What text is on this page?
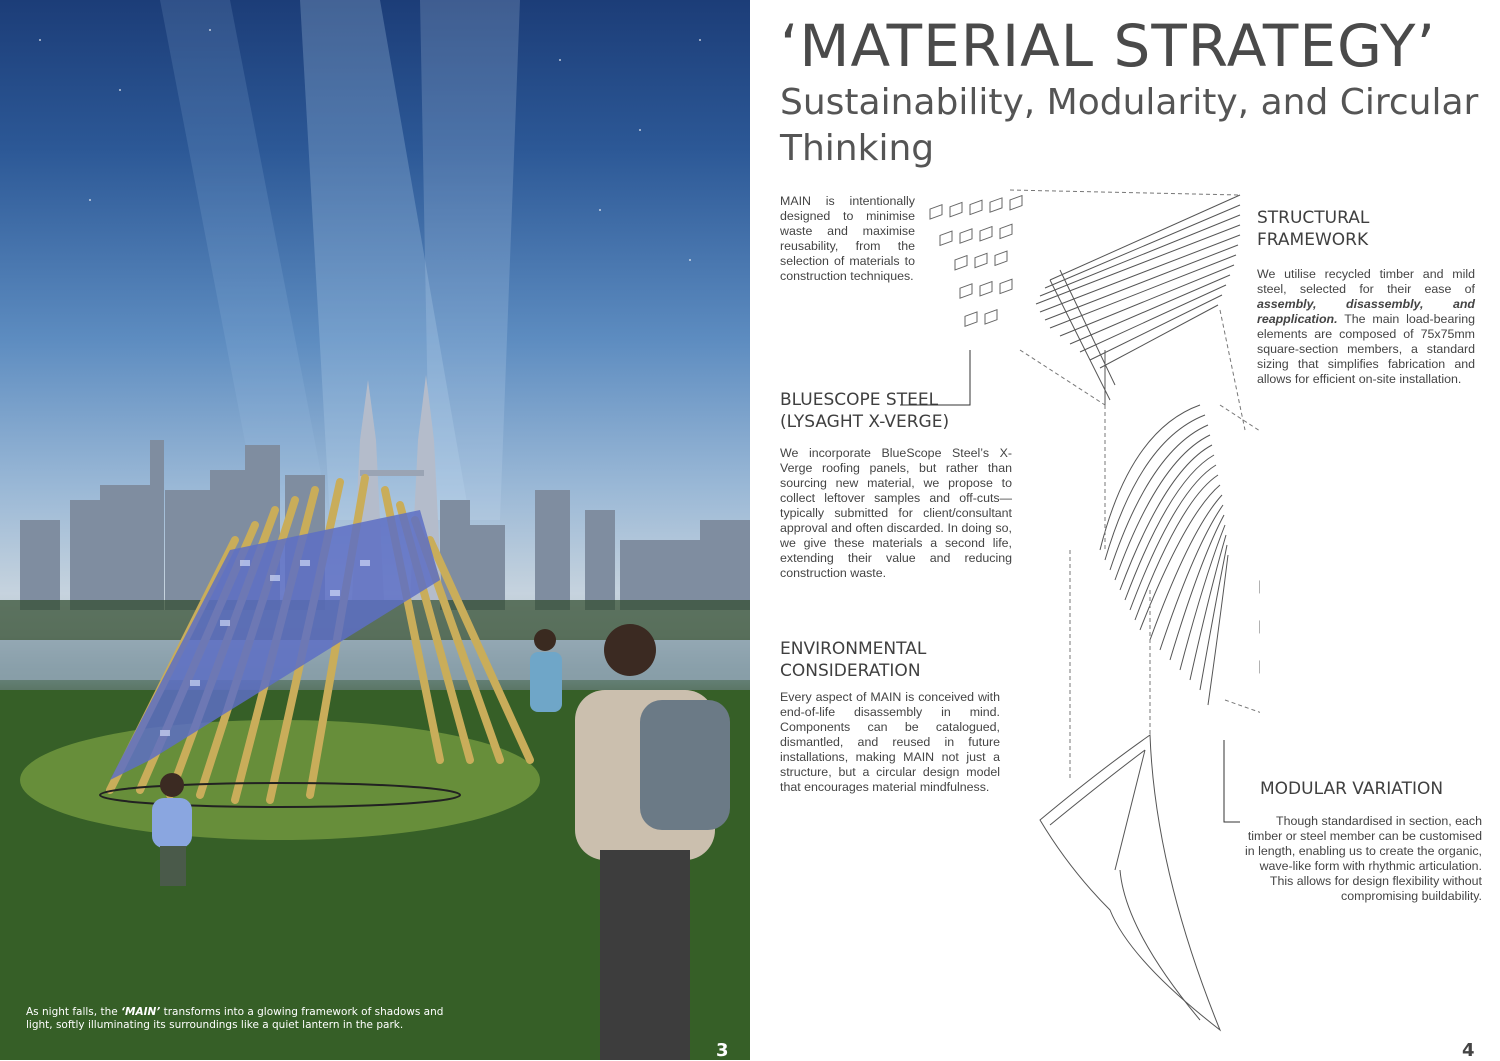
As night falls, the ‘MAIN’ transforms into a glowing framework of shadows and light, softly illuminating its surroundings like a quiet lantern in the park.
3
‘MATERIAL STRATEGY’
Sustainability, Modularity, and Circular Thinking
MAIN is intentionally designed to minimise waste and maximise reusability, from the selection of materials to construction techniques.
BLUESCOPE STEEL
(LYSAGHT X-VERGE)
We incorporate BlueScope Steel’s X-Verge roofing panels, but rather than sourcing new material, we propose to collect leftover samples and off-cuts—typically submitted for client/consultant approval and often discarded. In doing so, we give these materials a second life, extending their value and reducing construction waste.
ENVIRONMENTAL
CONSIDERATION
Every aspect of MAIN is conceived with end-of-life disassembly in mind. Components can be catalogued, dismantled, and reused in future installations, making MAIN not just a structure, but a circular design model that encourages material mindfulness.
STRUCTURAL
FRAMEWORK
We utilise recycled timber and mild steel, selected for their ease of assembly, disassembly, and reapplication. The main load-bearing elements are composed of 75x75mm square-section members, a standard sizing that simplifies fabrication and allows for efficient on-site installation.
MODULAR VARIATION
Though standardised in section, each timber or steel member can be customised in length, enabling us to create the organic, wave-like form with rhythmic articulation. This allows for design flexibility without compromising buildability.
4
